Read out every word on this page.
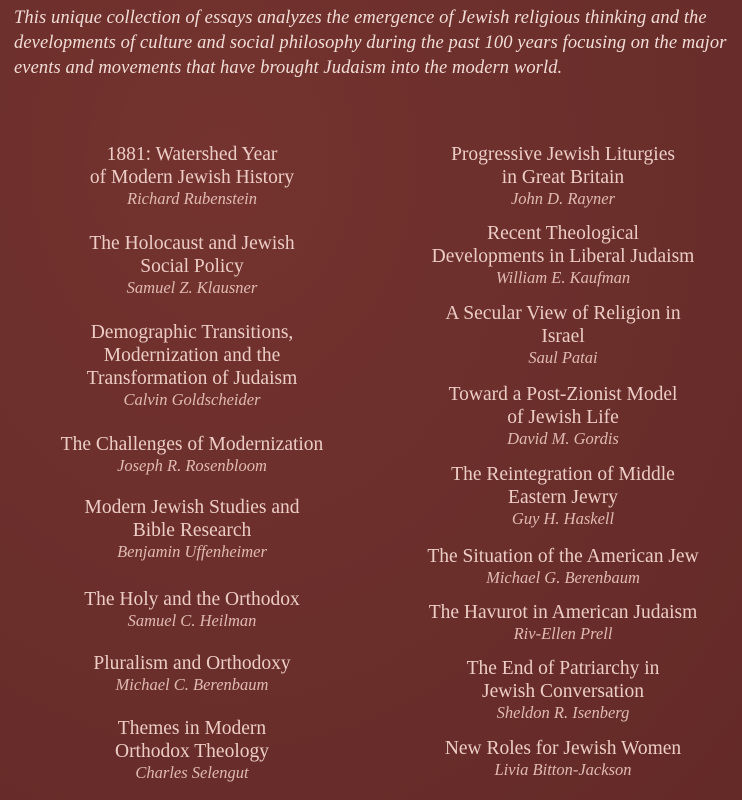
This unique collection of essays analyzes the emergence of Jewish religious thinking and the developments of culture and social philosophy during the past 100 years focusing on the major events and movements that have brought Judaism into the modern world.

1881: Watershed Year
of Modern Jewish History
Richard Rubenstein
The Holocaust and Jewish
Social Policy
Samuel Z. Klausner
Demographic Transitions,
Modernization and the
Transformation of Judaism
Calvin Goldscheider
The Challenges of Modernization
Joseph R. Rosenbloom
Modern Jewish Studies and
Bible Research
Benjamin Uffenheimer
The Holy and the Orthodox
Samuel C. Heilman
Pluralism and Orthodoxy
Michael C. Berenbaum
Themes in Modern
Orthodox Theology
Charles Selengut
Progressive Jewish Liturgies
in Great Britain
John D. Rayner
Recent Theological
Developments in Liberal Judaism
William E. Kaufman
A Secular View of Religion in
Israel
Saul Patai
Toward a Post-Zionist Model
of Jewish Life
David M. Gordis
The Reintegration of Middle
Eastern Jewry
Guy H. Haskell
The Situation of the American Jew
Michael G. Berenbaum
The Havurot in American Judaism
Riv-Ellen Prell
The End of Patriarchy in
Jewish Conversation
Sheldon R. Isenberg
New Roles for Jewish Women
Livia Bitton-Jackson
